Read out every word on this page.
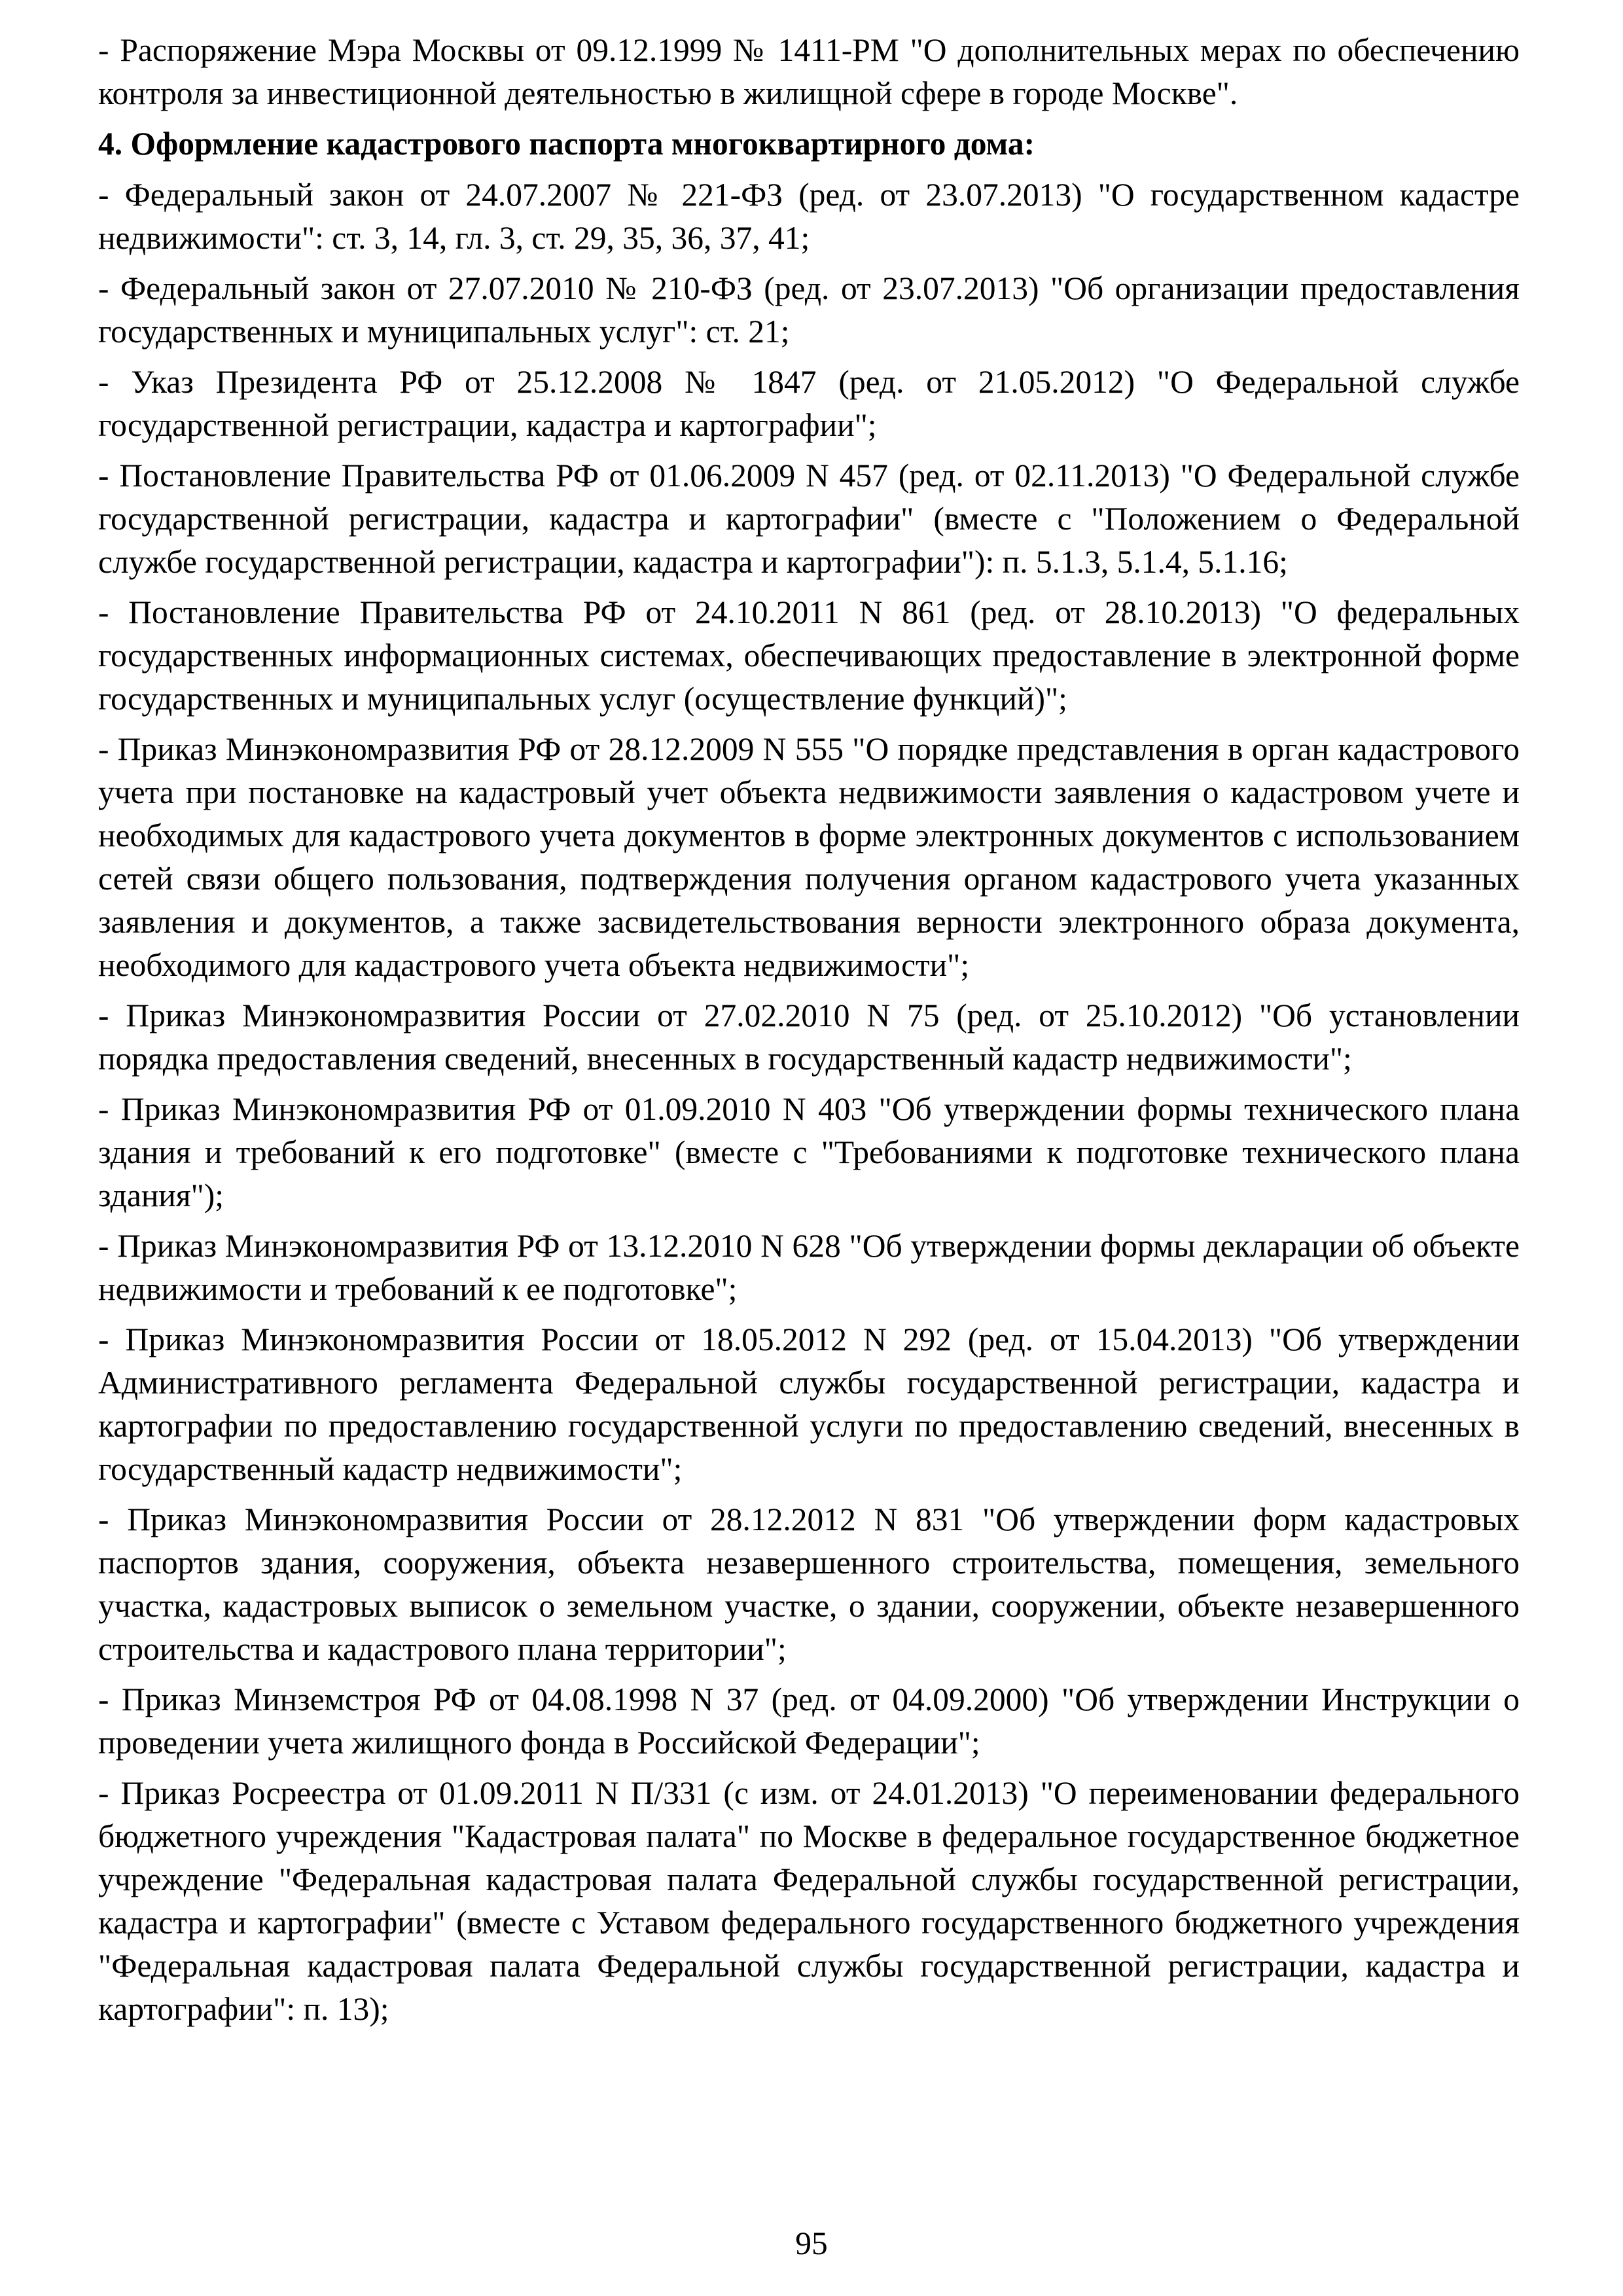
- Распоряжение Мэра Москвы от 09.12.1999 № 1411-РМ "О дополнительных мерах по обеспечению контроля за инвестиционной деятельностью в жилищной сфере в городе Москве".

4. Оформление кадастрового паспорта многоквартирного дома:

- Федеральный закон от 24.07.2007 № 221-ФЗ (ред. от 23.07.2013) "О государственном кадастре недвижимости": ст. 3, 14, гл. 3, ст. 29, 35, 36, 37, 41;

- Федеральный закон от 27.07.2010 № 210-ФЗ (ред. от 23.07.2013) "Об организации предоставления государственных и муниципальных услуг": ст. 21;

- Указ Президента РФ от 25.12.2008 № 1847 (ред. от 21.05.2012) "О Федеральной службе государственной регистрации, кадастра и картографии";

- Постановление Правительства РФ от 01.06.2009 N 457 (ред. от 02.11.2013) "О Федеральной службе государственной регистрации, кадастра и картографии" (вместе с "Положением о Федеральной службе государственной регистрации, кадастра и картографии"): п. 5.1.3, 5.1.4, 5.1.16;

- Постановление Правительства РФ от 24.10.2011 N 861 (ред. от 28.10.2013) "О федеральных государственных информационных системах, обеспечивающих предоставление в электронной форме государственных и муниципальных услуг (осуществление функций)";

- Приказ Минэкономразвития РФ от 28.12.2009 N 555 "О порядке представления в орган кадастрового учета при постановке на кадастровый учет объекта недвижимости заявления о кадастровом учете и необходимых для кадастрового учета документов в форме электронных документов с использованием сетей связи общего пользования, подтверждения получения органом кадастрового учета указанных заявления и документов, а также засвидетельствования верности электронного образа документа, необходимого для кадастрового учета объекта недвижимости";

- Приказ Минэкономразвития России от 27.02.2010 N 75 (ред. от 25.10.2012) "Об установлении порядка предоставления сведений, внесенных в государственный кадастр недвижимости";

- Приказ Минэкономразвития РФ от 01.09.2010 N 403 "Об утверждении формы технического плана здания и требований к его подготовке" (вместе с "Требованиями к подготовке технического плана здания");

- Приказ Минэкономразвития РФ от 13.12.2010 N 628 "Об утверждении формы декларации об объекте недвижимости и требований к ее подготовке";

- Приказ Минэкономразвития России от 18.05.2012 N 292 (ред. от 15.04.2013) "Об утверждении Административного регламента Федеральной службы государственной регистрации, кадастра и картографии по предоставлению государственной услуги по предоставлению сведений, внесенных в государственный кадастр недвижимости";

- Приказ Минэкономразвития России от 28.12.2012 N 831 "Об утверждении форм кадастровых паспортов здания, сооружения, объекта незавершенного строительства, помещения, земельного участка, кадастровых выписок о земельном участке, о здании, сооружении, объекте незавершенного строительства и кадастрового плана территории";

- Приказ Минземстроя РФ от 04.08.1998 N 37 (ред. от 04.09.2000) "Об утверждении Инструкции о проведении учета жилищного фонда в Российской Федерации";

- Приказ Росреестра от 01.09.2011 N П/331 (с изм. от 24.01.2013) "О переименовании федерального бюджетного учреждения "Кадастровая палата" по Москве в федеральное государственное бюджетное учреждение "Федеральная кадастровая палата Федеральной службы государственной регистрации, кадастра и картографии" (вместе с Уставом федерального государственного бюджетного учреждения "Федеральная кадастровая палата Федеральной службы государственной регистрации, кадастра и картографии": п. 13);

95
